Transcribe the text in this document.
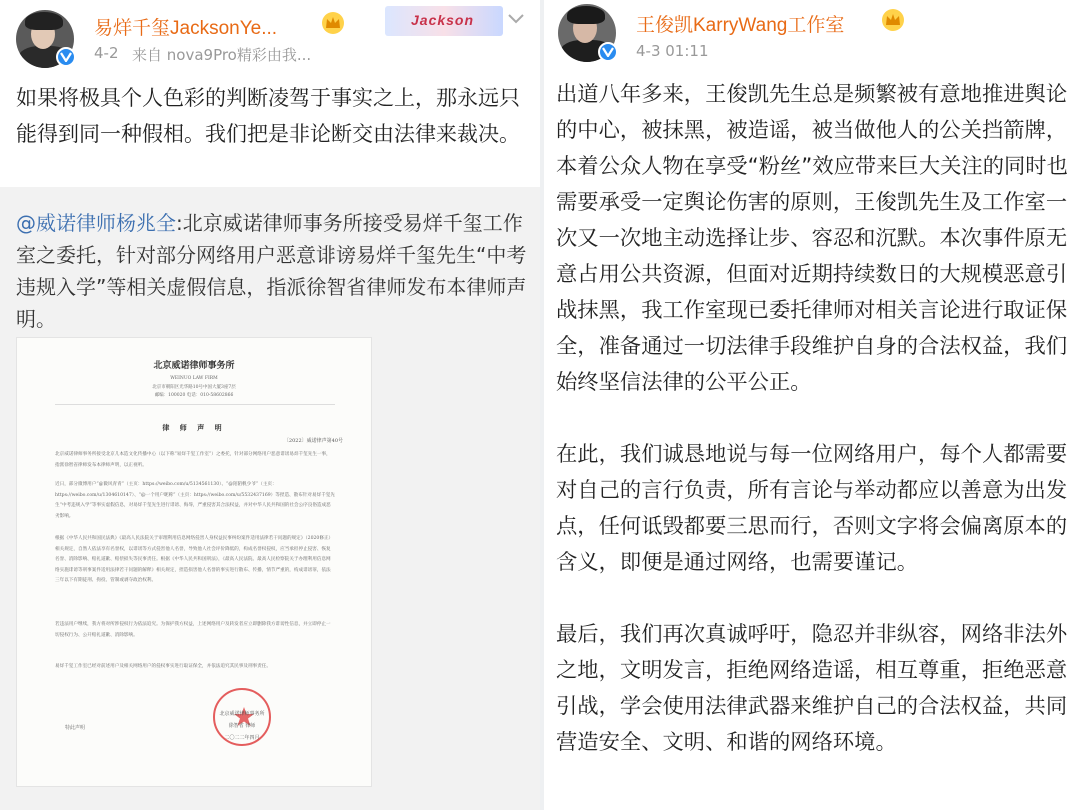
易烊千玺JacksonYe...	Jackson
4-2 来自 nova9Pro精彩由我...
如果将极具个人色彩的判断凌驾于事实之上，那永远只能得到同一种假相。我们把是非论断交由法律来裁决。
@威诺律师杨兆全:北京威诺律师事务所接受易烊千玺工作室之委托，针对部分网络用户恶意诽谤易烊千玺先生“中考违规入学”等相关虚假信息，指派徐智省律师发布本律师声明。
北京威诺律师事务所
WEINUO LAW FIRM
北京市朝阳区光华路10号中国大厦3座7层
邮编：100020 电话：010-58602866
律 师 声 明
〔2022〕威诺律声第40号
北京威诺律师事务所接受北京儿本造文化传播中心（以下称“易烊千玺工作室”）之委托，针对部分网络用户恶意诽谤易烊千玺先生一事，指派徐智省律师发布本律师声明，以正视听。
近日，部分微博用户“@微风青青”（主页：https://weibo.com/u/5134561130）、“@陌陌帆少爷”（主页：https://weibo.com/u/1304610147）、“@一个用户昵称”（主页：https://weibo.com/u/5532437169）等捏造、散布针对易烊千玺先生“中考违规入学”等事实虚假信息，对易烊千玺先生进行诽谤、侮辱，严重侵害其合法权益，并对中华人民共和国的社会公序良俗造成恶劣影响。
根据《中华人民共和国民法典》《最高人民法院关于审理利用信息网络侵害人身权益民事纠纷案件适用法律若干问题的规定》（2020修正）相关规定，自然人依法享有名誉权，以诽谤等方式侵害他人名誉，导致他人社会评价降低的，构成名誉权侵权，应当承担停止侵害、恢复名誉、消除影响、赔礼道歉、赔偿损失等民事责任。根据《中华人民共和国刑法》，《最高人民法院、最高人民检察院关于办理利用信息网络实施诽谤等刑事案件适用法律若干问题的解释》相关规定，捏造损害他人名誉的事实进行散布、传播，情节严重的，构成诽谤罪，依法三年以下有期徒刑、拘役、管制或剥夺政治权利。
若违法用户继续，我方将对所涉侵权行为依法追究。为保护我方权益，上述网络用户及转发者应立即删除我方诽谤性信息，并立即停止一切侵权行为、公开赔礼道歉、消除影响。
易烊千玺工作室已经对前述用户及相关网络用户的侵权事实进行取证保全，并依法追究其民事及刑事责任。
特此声明
北京威诺律师事务所
徐智省 律师
二〇二二年四月
王俊凯KarryWang工作室
4-3 01:11

出道八年多来，王俊凯先生总是频繁被有意地推进舆论的中心，被抹黑，被造谣，被当做他人的公关挡箭牌，本着公众人物在享受“粉丝”效应带来巨大关注的同时也需要承受一定舆论伤害的原则，王俊凯先生及工作室一次又一次地主动选择让步、容忍和沉默。本次事件原无意占用公共资源，但面对近期持续数日的大规模恶意引战抹黑，我工作室现已委托律师对相关言论进行取证保全，准备通过一切法律手段维护自身的合法权益，我们始终坚信法律的公平公正。

在此，我们诚恳地说与每一位网络用户，每个人都需要对自己的言行负责，所有言论与举动都应以善意为出发点，任何诋毁都要三思而行，否则文字将会偏离原本的含义，即便是通过网络，也需要谨记。

最后，我们再次真诚呼吁，隐忍并非纵容，网络非法外之地，文明发言，拒绝网络造谣，相互尊重，拒绝恶意引战，学会使用法律武器来维护自己的合法权益，共同营造安全、文明、和谐的网络环境。
